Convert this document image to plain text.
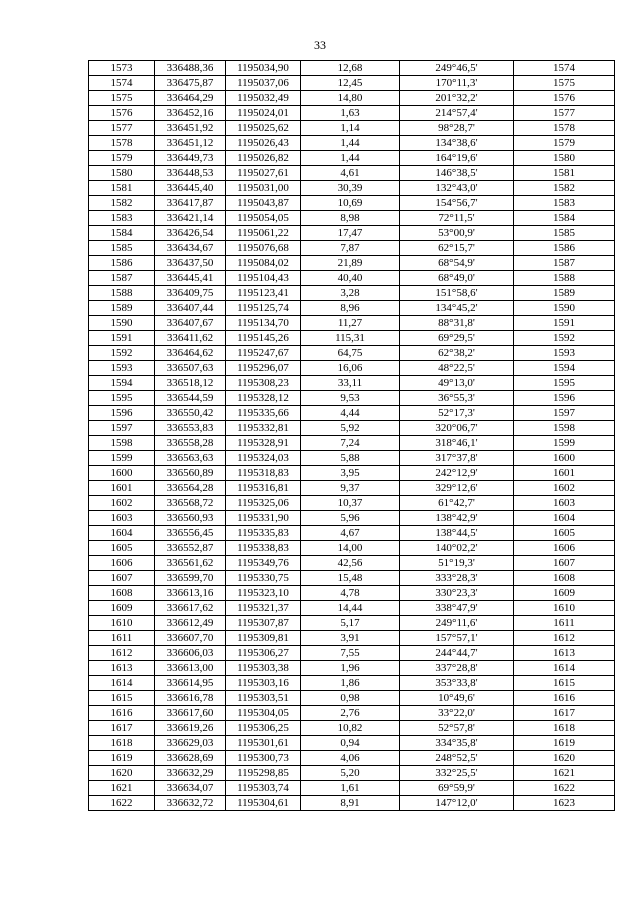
33
1573	336488,36	1195034,90	12,68	249°46,5'	1574
1574	336475,87	1195037,06	12,45	170°11,3'	1575
1575	336464,29	1195032,49	14,80	201°32,2'	1576
1576	336452,16	1195024,01	1,63	214°57,4'	1577
1577	336451,92	1195025,62	1,14	98°28,7'	1578
1578	336451,12	1195026,43	1,44	134°38,6'	1579
1579	336449,73	1195026,82	1,44	164°19,6'	1580
1580	336448,53	1195027,61	4,61	146°38,5'	1581
1581	336445,40	1195031,00	30,39	132°43,0'	1582
1582	336417,87	1195043,87	10,69	154°56,7'	1583
1583	336421,14	1195054,05	8,98	72°11,5'	1584
1584	336426,54	1195061,22	17,47	53°00,9'	1585
1585	336434,67	1195076,68	7,87	62°15,7'	1586
1586	336437,50	1195084,02	21,89	68°54,9'	1587
1587	336445,41	1195104,43	40,40	68°49,0'	1588
1588	336409,75	1195123,41	3,28	151°58,6'	1589
1589	336407,44	1195125,74	8,96	134°45,2'	1590
1590	336407,67	1195134,70	11,27	88°31,8'	1591
1591	336411,62	1195145,26	115,31	69°29,5'	1592
1592	336464,62	1195247,67	64,75	62°38,2'	1593
1593	336507,63	1195296,07	16,06	48°22,5'	1594
1594	336518,12	1195308,23	33,11	49°13,0'	1595
1595	336544,59	1195328,12	9,53	36°55,3'	1596
1596	336550,42	1195335,66	4,44	52°17,3'	1597
1597	336553,83	1195332,81	5,92	320°06,7'	1598
1598	336558,28	1195328,91	7,24	318°46,1'	1599
1599	336563,63	1195324,03	5,88	317°37,8'	1600
1600	336560,89	1195318,83	3,95	242°12,9'	1601
1601	336564,28	1195316,81	9,37	329°12,6'	1602
1602	336568,72	1195325,06	10,37	61°42,7'	1603
1603	336560,93	1195331,90	5,96	138°42,9'	1604
1604	336556,45	1195335,83	4,67	138°44,5'	1605
1605	336552,87	1195338,83	14,00	140°02,2'	1606
1606	336561,62	1195349,76	42,56	51°19,3'	1607
1607	336599,70	1195330,75	15,48	333°28,3'	1608
1608	336613,16	1195323,10	4,78	330°23,3'	1609
1609	336617,62	1195321,37	14,44	338°47,9'	1610
1610	336612,49	1195307,87	5,17	249°11,6'	1611
1611	336607,70	1195309,81	3,91	157°57,1'	1612
1612	336606,03	1195306,27	7,55	244°44,7'	1613
1613	336613,00	1195303,38	1,96	337°28,8'	1614
1614	336614,95	1195303,16	1,86	353°33,8'	1615
1615	336616,78	1195303,51	0,98	10°49,6'	1616
1616	336617,60	1195304,05	2,76	33°22,0'	1617
1617	336619,26	1195306,25	10,82	52°57,8'	1618
1618	336629,03	1195301,61	0,94	334°35,8'	1619
1619	336628,69	1195300,73	4,06	248°52,5'	1620
1620	336632,29	1195298,85	5,20	332°25,5'	1621
1621	336634,07	1195303,74	1,61	69°59,9'	1622
1622	336632,72	1195304,61	8,91	147°12,0'	1623
